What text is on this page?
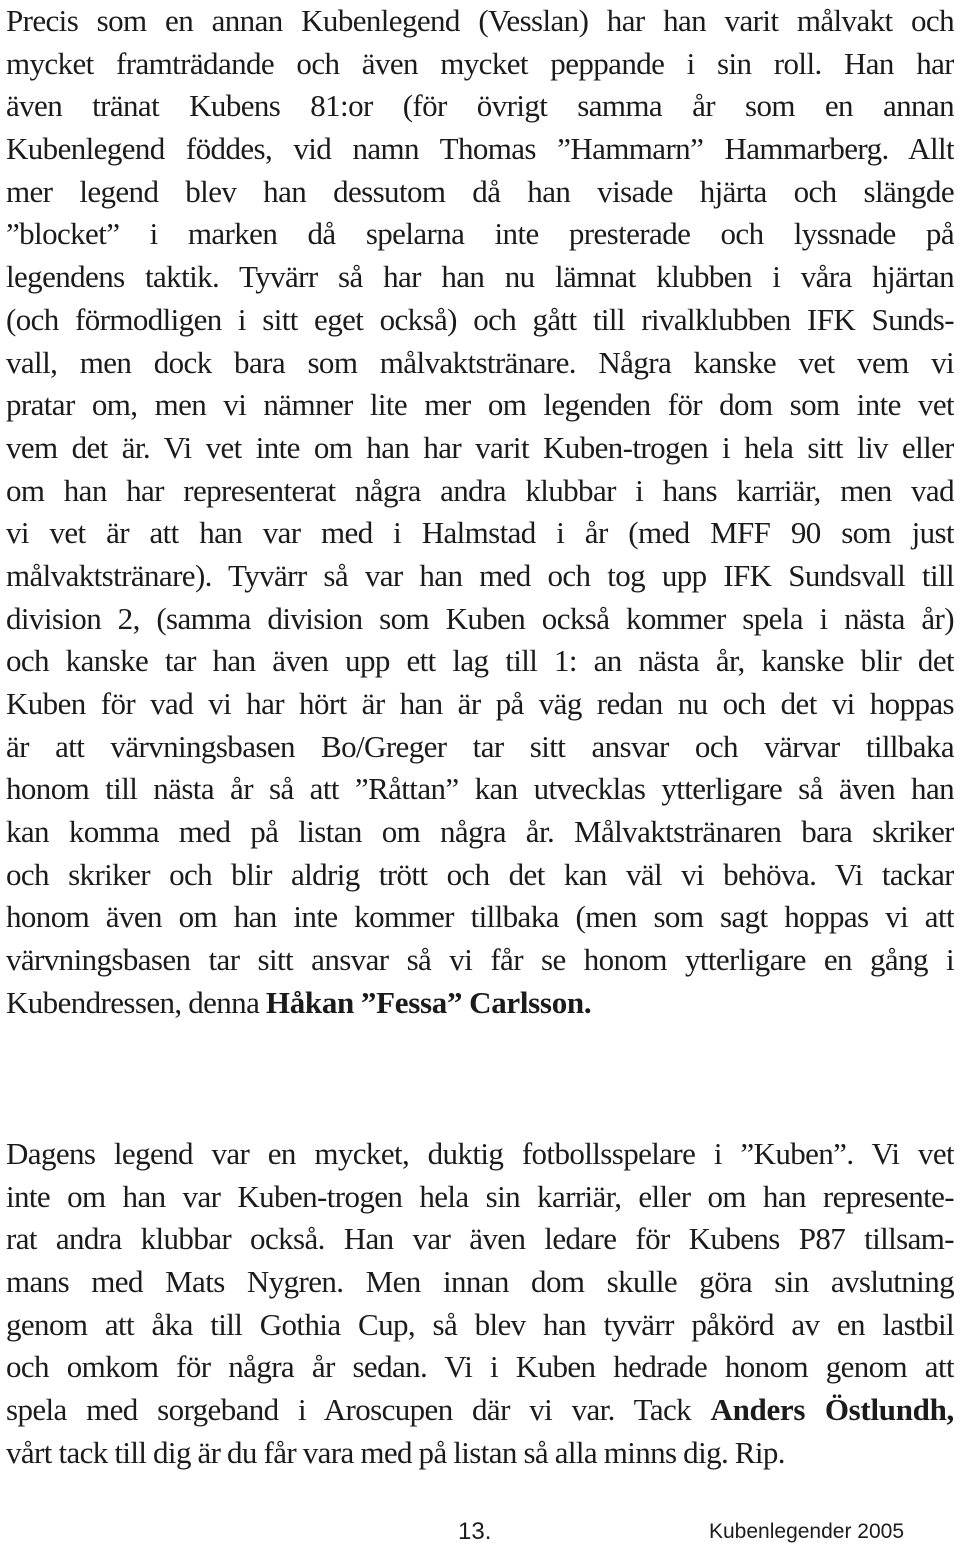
Precis som en annan Kubenlegend (Vesslan) har han varit målvakt och
mycket framträdande och även mycket peppande i sin roll. Han har
även tränat Kubens 81:or (för övrigt samma år som en annan
Kubenlegend föddes, vid namn Thomas ”Hammarn” Hammarberg. Allt
mer legend blev han dessutom då han visade hjärta och slängde
”blocket” i marken då spelarna inte presterade och lyssnade på
legendens taktik. Tyvärr så har han nu lämnat klubben i våra hjärtan
(och förmodligen i sitt eget också) och gått till rivalklubben IFK Sunds-
vall, men dock bara som målvaktstränare. Några kanske vet vem vi
pratar om, men vi nämner lite mer om legenden för dom som inte vet
vem det är. Vi vet inte om han har varit Kuben-trogen i hela sitt liv eller
om han har representerat några andra klubbar i hans karriär, men vad
vi vet är att han var med i Halmstad i år (med MFF 90 som just
målvaktstränare). Tyvärr så var han med och tog upp IFK Sundsvall till
division 2, (samma division som Kuben också kommer spela i nästa år)
och kanske tar han även upp ett lag till 1: an nästa år, kanske blir det
Kuben för vad vi har hört är han är på väg redan nu och det vi hoppas
är att värvningsbasen Bo/Greger tar sitt ansvar och värvar tillbaka
honom till nästa år så att ”Råttan” kan utvecklas ytterligare så även han
kan komma med på listan om några år. Målvaktstränaren bara skriker
och skriker och blir aldrig trött och det kan väl vi behöva. Vi tackar
honom även om han inte kommer tillbaka (men som sagt hoppas vi att
värvningsbasen tar sitt ansvar så vi får se honom ytterligare en gång i
Kubendressen, denna Håkan ”Fessa” Carlsson.
Dagens legend var en mycket, duktig fotbollsspelare i ”Kuben”. Vi vet
inte om han var Kuben-trogen hela sin karriär, eller om han represente-
rat andra klubbar också. Han var även ledare för Kubens P87 tillsam-
mans med Mats Nygren. Men innan dom skulle göra sin avslutning
genom att åka till Gothia Cup, så blev han tyvärr påkörd av en lastbil
och omkom för några år sedan. Vi i Kuben hedrade honom genom att
spela med sorgeband i Aroscupen där vi var. Tack Anders Östlundh,
vårt tack till dig är du får vara med på listan så alla minns dig. Rip.
13.	Kubenlegender 2005
